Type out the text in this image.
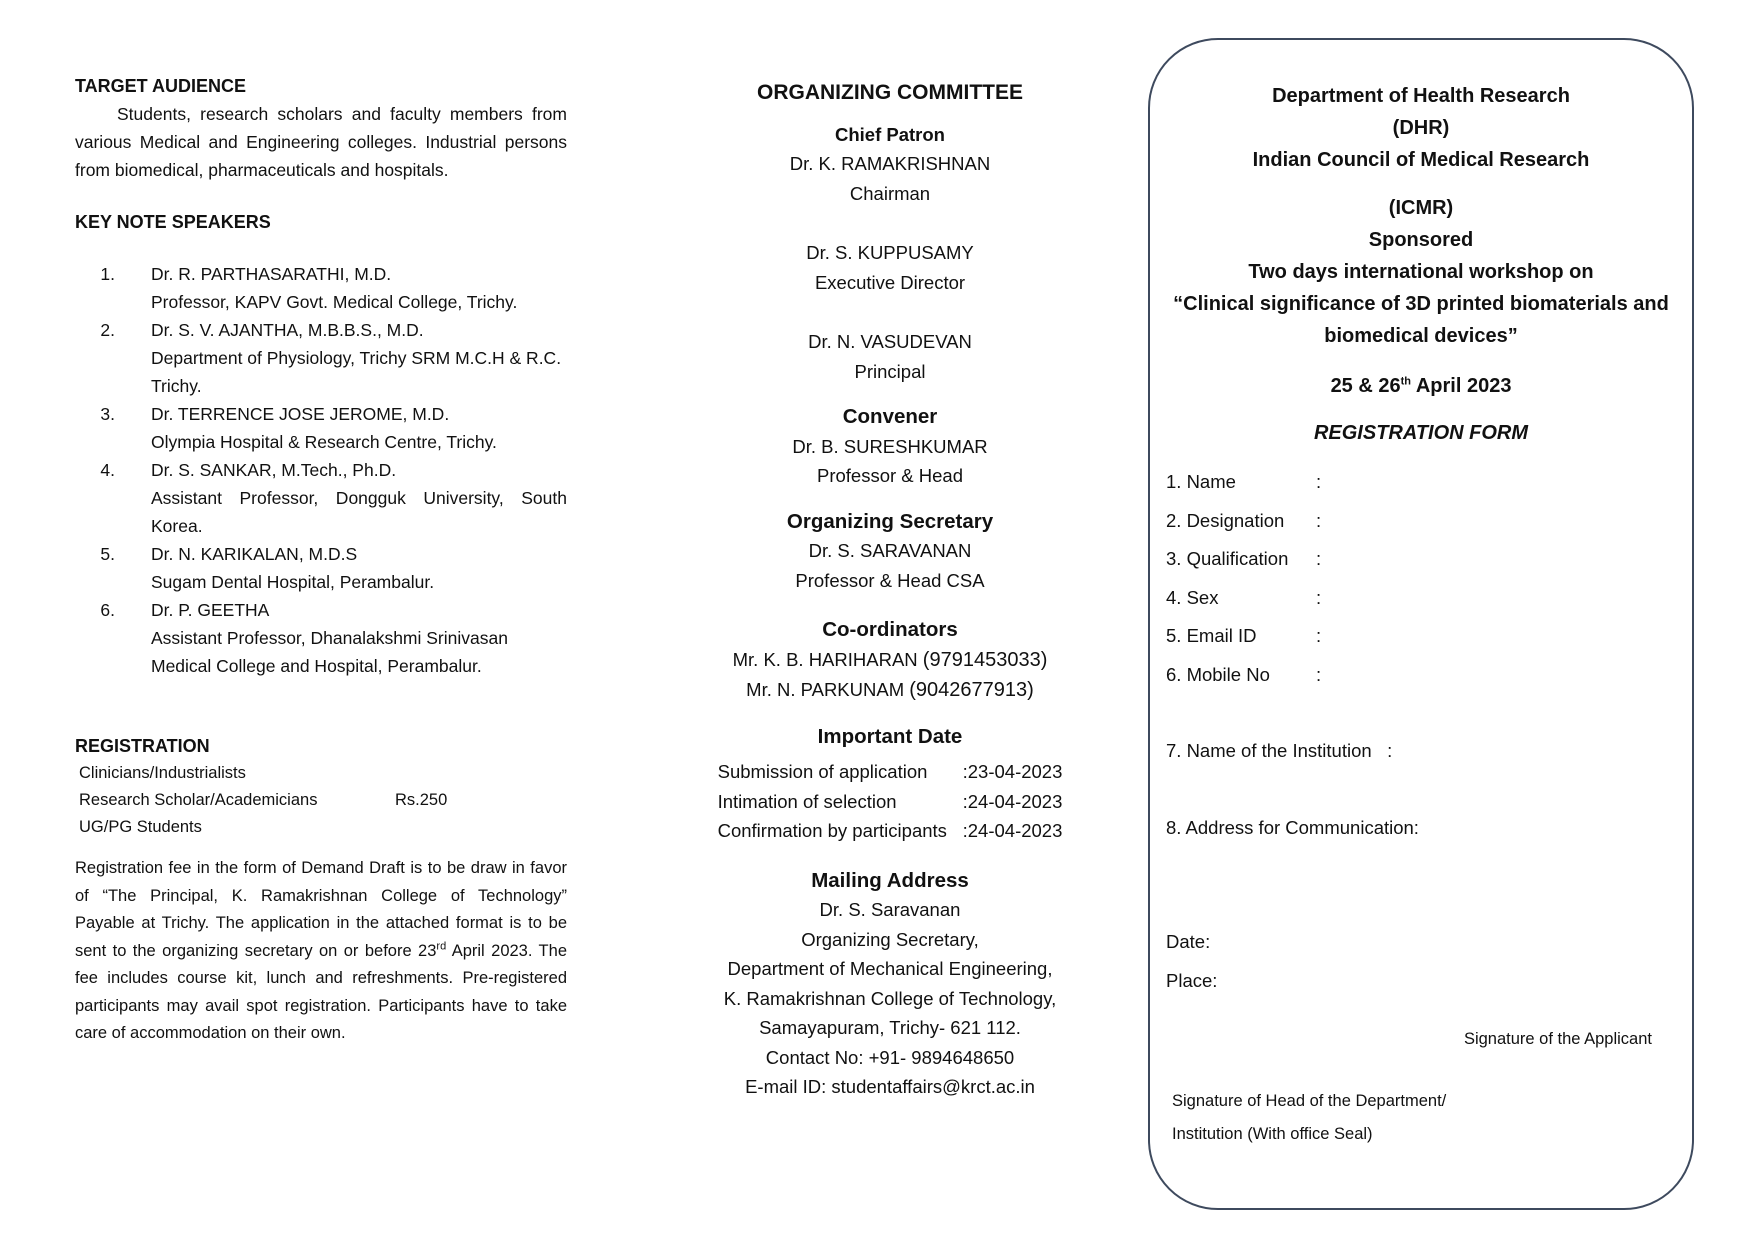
TARGET AUDIENCE
Students, research scholars and faculty members from various Medical and Engineering colleges. Industrial persons from biomedical, pharmaceuticals and hospitals.
KEY NOTE SPEAKERS
1.	Dr. R. PARTHASARATHI, M.D.
Professor, KAPV Govt. Medical College, Trichy.
2.	Dr. S. V. AJANTHA, M.B.B.S., M.D.
Department of Physiology, Trichy SRM M.C.H & R.C. Trichy.
3.	Dr. TERRENCE JOSE JEROME, M.D.
Olympia Hospital & Research Centre, Trichy.
4.	Dr. S. SANKAR, M.Tech., Ph.D.
Assistant Professor, Dongguk University, South Korea.
5.	Dr. N. KARIKALAN, M.D.S
Sugam Dental Hospital, Perambalur.
6.	Dr. P. GEETHA
Assistant Professor, Dhanalakshmi Srinivasan Medical College and Hospital, Perambalur.
REGISTRATION
Clinicians/Industrialists
Research Scholar/Academicians	Rs.250
UG/PG Students
Registration fee in the form of Demand Draft is to be draw in favor of “The Principal, K. Ramakrishnan College of Technology” Payable at Trichy. The application in the attached format is to be sent to the organizing secretary on or before 23rd April 2023. The fee includes course kit, lunch and refreshments. Pre-registered participants may avail spot registration. Participants have to take care of accommodation on their own.
ORGANIZING COMMITTEE
Chief Patron
Dr. K. RAMAKRISHNAN
Chairman
Dr. S. KUPPUSAMY
Executive Director
Dr. N. VASUDEVAN
Principal
Convener
Dr. B. SURESHKUMAR
Professor & Head
Organizing Secretary
Dr. S. SARAVANAN
Professor & Head CSA
Co-ordinators
Mr. K. B. HARIHARAN (9791453033)
Mr. N. PARKUNAM (9042677913)
Important Date
Submission of application	:23-04-2023
Intimation of selection	:24-04-2023
Confirmation by participants :24-04-2023
Mailing Address
Dr. S. Saravanan
Organizing Secretary,
Department of Mechanical Engineering,
K. Ramakrishnan College of Technology,
Samayapuram, Trichy- 621 112.
Contact No: +91- 9894648650
E-mail ID: studentaffairs@krct.ac.in
Department of Health Research
(DHR)
Indian Council of Medical Research
(ICMR)
Sponsored
Two days international workshop on
“Clinical significance of 3D printed biomaterials and biomedical devices”
25 & 26th April 2023
REGISTRATION FORM
1. Name	:
2. Designation	:
3. Qualification	:
4. Sex	:
5. Email ID	:
6. Mobile No	:
7. Name of the Institution   :
8. Address for Communication:
Date:
Place:
Signature of the Applicant
Signature of Head of the Department/
Institution (With office Seal)
